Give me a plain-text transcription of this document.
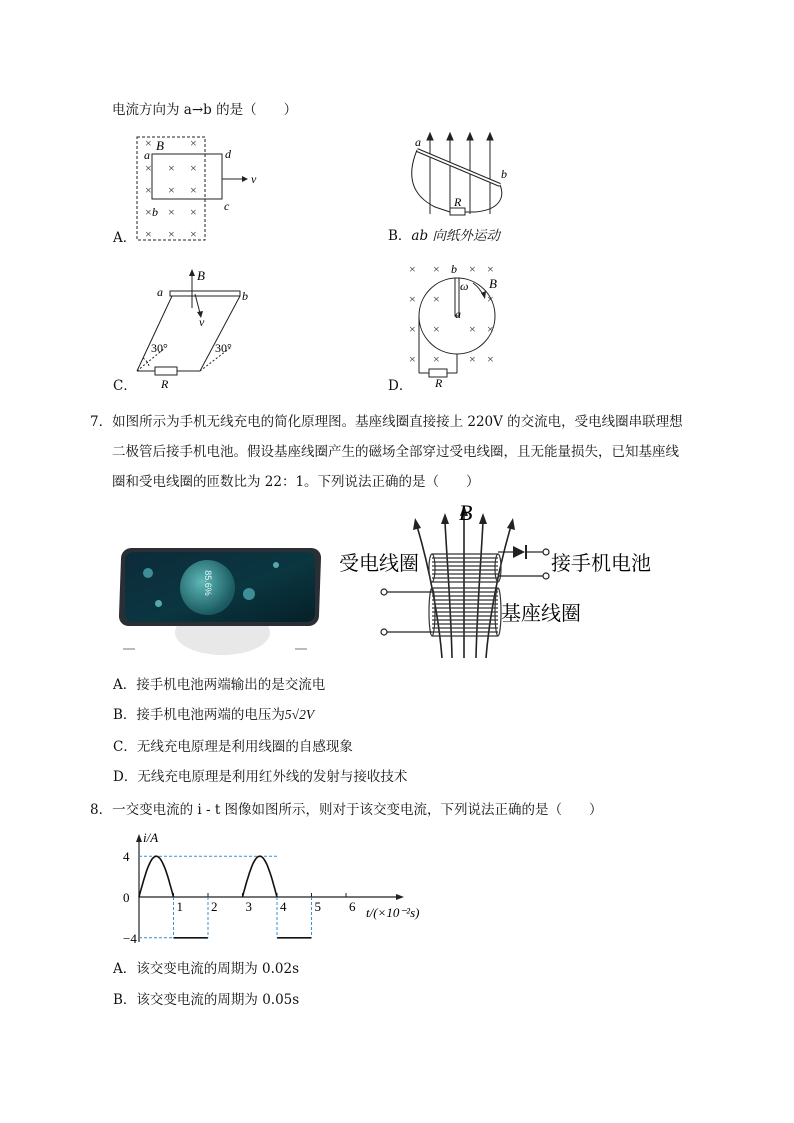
电流方向为 a→b 的是（　　）
×	×
× × ×
× × ×
× × ×
× × ×
B
a
b	c
d
v
A．
a
b
R
B．ab 向纸外运动
a	b
B
v
30°	30°
R
C．
× × × ×
× ×	×
× × × ×
× × × ×
b
a
B
ω
R
D．
7．如图所示为手机无线充电的简化原理图。基座线圈直接接上 220V 的交流电，受电线圈串联理想
二极管后接手机电池。假设基座线圈产生的磁场全部穿过受电线圈，且无能量损失，已知基座线
圈和受电线圈的匝数比为 22：1。下列说法正确的是（　　）
85.6%
B
受电线圈	接手机电池
基座线圈
A．接手机电池两端输出的是交流电
B．接手机电池两端的电压为5√2V
C．无线充电原理是利用线圈的自感现象
D．无线充电原理是利用红外线的发射与接收技术
8．一交变电流的 i - t 图像如图所示，则对于该交变电流，下列说法正确的是（　　）
i/A
t/(×10⁻²s)
4
0
−4
1 2 3 4 5 6
A．该交变电流的周期为 0.02s
B．该交变电流的周期为 0.05s
